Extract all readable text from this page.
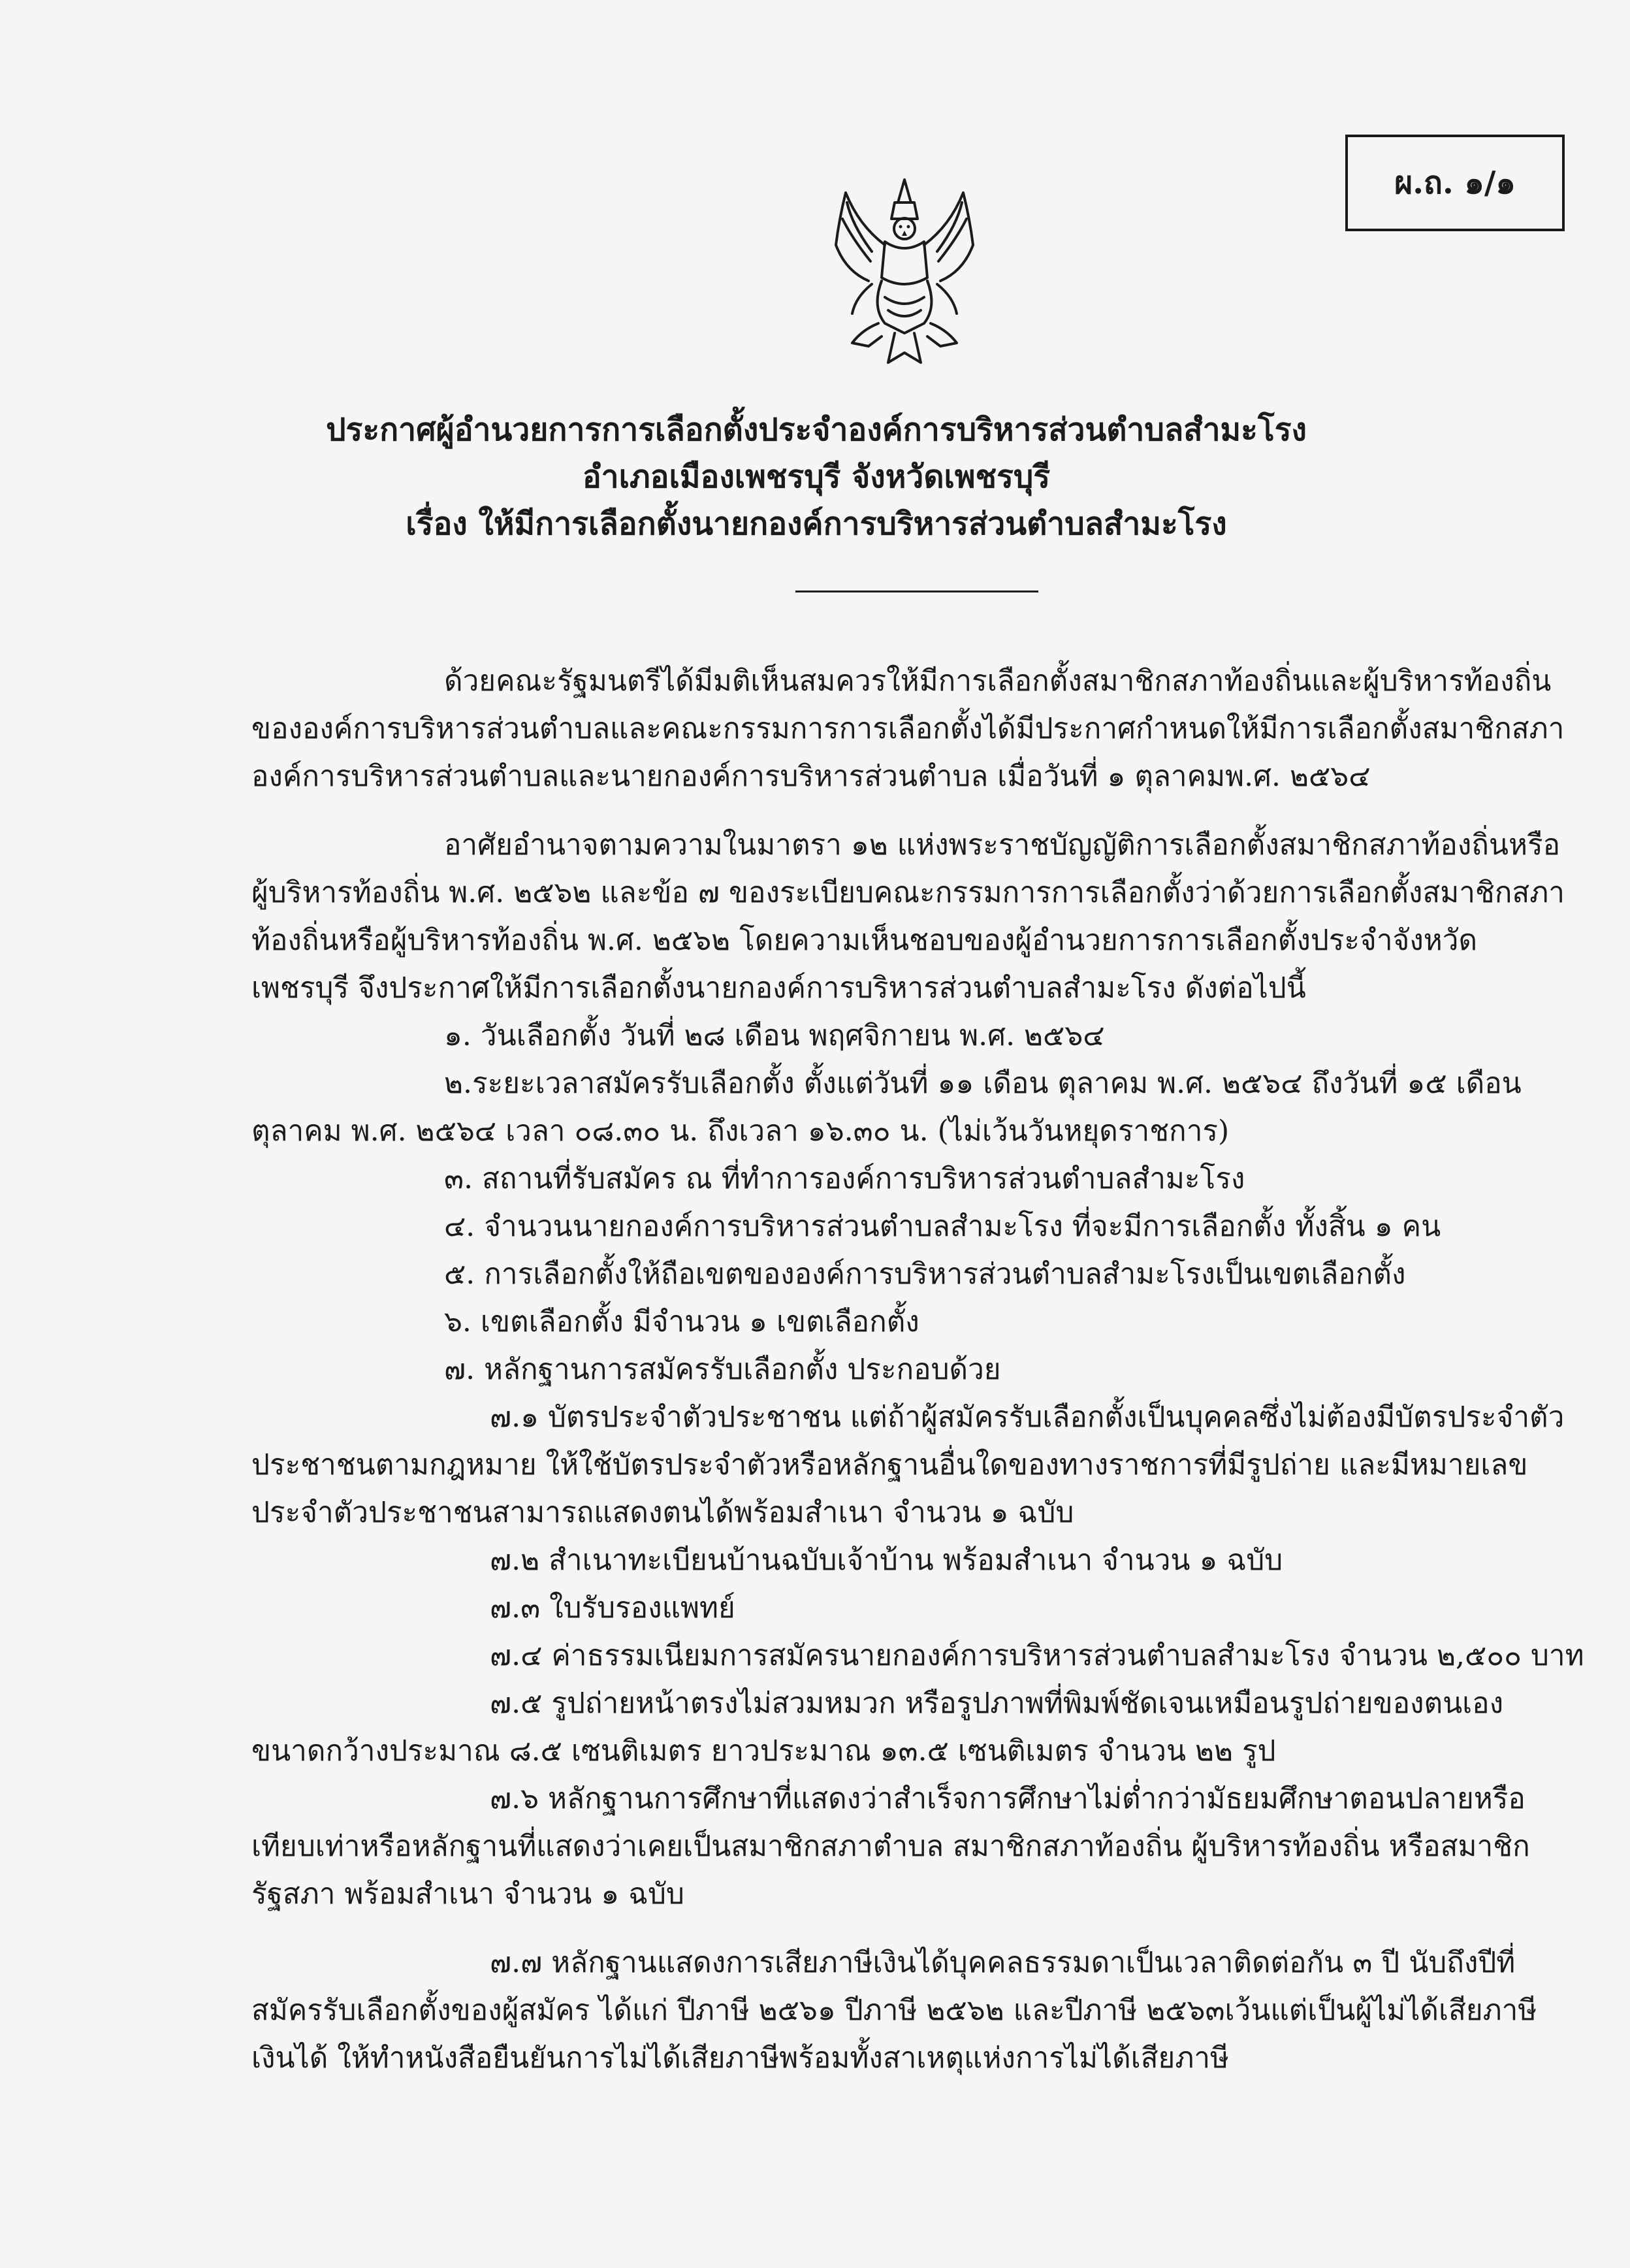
ผ.ถ. ๑/๑
ประกาศผู้อำนวยการการเลือกตั้งประจำองค์การบริหารส่วนตำบลสำมะโรง
อำเภอเมืองเพชรบุรี จังหวัดเพชรบุรี
เรื่อง ให้มีการเลือกตั้งนายกองค์การบริหารส่วนตำบลสำมะโรง
ด้วยคณะรัฐมนตรีได้มีมติเห็นสมควรให้มีการเลือกตั้งสมาชิกสภาท้องถิ่นและผู้บริหารท้องถิ่น
ขององค์การบริหารส่วนตำบลและคณะกรรมการการเลือกตั้งได้มีประกาศกำหนดให้มีการเลือกตั้งสมาชิกสภา
องค์การบริหารส่วนตำบลและนายกองค์การบริหารส่วนตำบล เมื่อวันที่ ๑ ตุลาคมพ.ศ. ๒๕๖๔
อาศัยอำนาจตามความในมาตรา ๑๒ แห่งพระราชบัญญัติการเลือกตั้งสมาชิกสภาท้องถิ่นหรือ
ผู้บริหารท้องถิ่น พ.ศ. ๒๕๖๒ และข้อ ๗ ของระเบียบคณะกรรมการการเลือกตั้งว่าด้วยการเลือกตั้งสมาชิกสภา
ท้องถิ่นหรือผู้บริหารท้องถิ่น พ.ศ. ๒๕๖๒ โดยความเห็นชอบของผู้อำนวยการการเลือกตั้งประจำจังหวัด
เพชรบุรี จึงประกาศให้มีการเลือกตั้งนายกองค์การบริหารส่วนตำบลสำมะโรง ดังต่อไปนี้
๑. วันเลือกตั้ง วันที่ ๒๘ เดือน พฤศจิกายน พ.ศ. ๒๕๖๔
๒.ระยะเวลาสมัครรับเลือกตั้ง ตั้งแต่วันที่ ๑๑ เดือน ตุลาคม พ.ศ. ๒๕๖๔ ถึงวันที่ ๑๕ เดือน
ตุลาคม พ.ศ. ๒๕๖๔ เวลา ๐๘.๓๐ น. ถึงเวลา ๑๖.๓๐ น. (ไม่เว้นวันหยุดราชการ)
๓. สถานที่รับสมัคร ณ ที่ทำการองค์การบริหารส่วนตำบลสำมะโรง
๔. จำนวนนายกองค์การบริหารส่วนตำบลสำมะโรง ที่จะมีการเลือกตั้ง ทั้งสิ้น ๑ คน
๕. การเลือกตั้งให้ถือเขตขององค์การบริหารส่วนตำบลสำมะโรงเป็นเขตเลือกตั้ง
๖. เขตเลือกตั้ง มีจำนวน ๑ เขตเลือกตั้ง
๗. หลักฐานการสมัครรับเลือกตั้ง ประกอบด้วย
๗.๑ บัตรประจำตัวประชาชน แต่ถ้าผู้สมัครรับเลือกตั้งเป็นบุคคลซึ่งไม่ต้องมีบัตรประจำตัว
ประชาชนตามกฎหมาย ให้ใช้บัตรประจำตัวหรือหลักฐานอื่นใดของทางราชการที่มีรูปถ่าย และมีหมายเลข
ประจำตัวประชาชนสามารถแสดงตนได้พร้อมสำเนา จำนวน ๑ ฉบับ
๗.๒ สำเนาทะเบียนบ้านฉบับเจ้าบ้าน พร้อมสำเนา จำนวน ๑ ฉบับ
๗.๓ ใบรับรองแพทย์
๗.๔ ค่าธรรมเนียมการสมัครนายกองค์การบริหารส่วนตำบลสำมะโรง จำนวน ๒,๕๐๐ บาท
๗.๕ รูปถ่ายหน้าตรงไม่สวมหมวก หรือรูปภาพที่พิมพ์ชัดเจนเหมือนรูปถ่ายของตนเอง
ขนาดกว้างประมาณ ๘.๕ เซนติเมตร ยาวประมาณ ๑๓.๕ เซนติเมตร จำนวน ๒๒ รูป
๗.๖ หลักฐานการศึกษาที่แสดงว่าสำเร็จการศึกษาไม่ต่ำกว่ามัธยมศึกษาตอนปลายหรือ
เทียบเท่าหรือหลักฐานที่แสดงว่าเคยเป็นสมาชิกสภาตำบล สมาชิกสภาท้องถิ่น ผู้บริหารท้องถิ่น หรือสมาชิก
รัฐสภา พร้อมสำเนา จำนวน ๑ ฉบับ
๗.๗ หลักฐานแสดงการเสียภาษีเงินได้บุคคลธรรมดาเป็นเวลาติดต่อกัน ๓ ปี นับถึงปีที่
สมัครรับเลือกตั้งของผู้สมัคร ได้แก่ ปีภาษี ๒๕๖๑ ปีภาษี ๒๕๖๒ และปีภาษี ๒๕๖๓เว้นแต่เป็นผู้ไม่ได้เสียภาษี
เงินได้ ให้ทำหนังสือยืนยันการไม่ได้เสียภาษีพร้อมทั้งสาเหตุแห่งการไม่ได้เสียภาษี
